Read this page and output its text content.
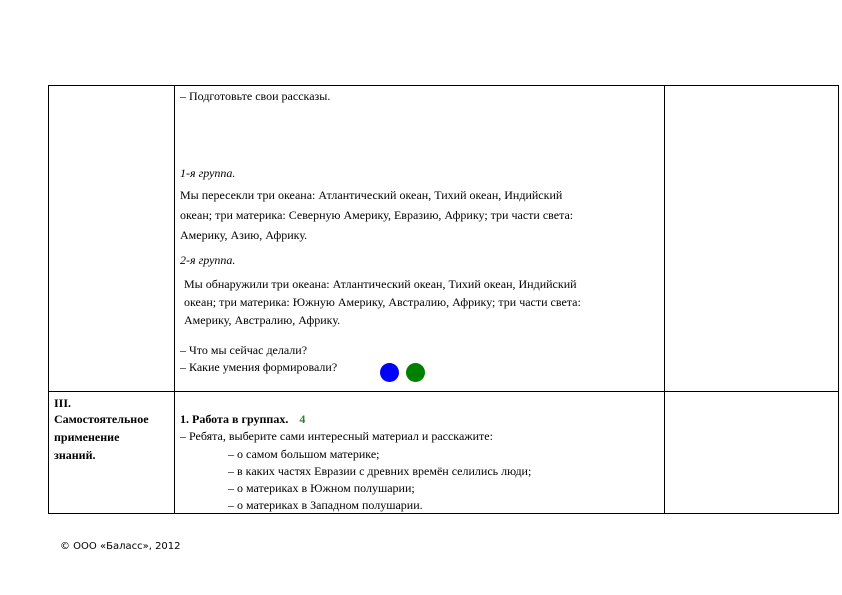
– Подготовьте свои рассказы.
1-я группа.
Мы пересекли три океана: Атлантический океан, Тихий океан, Индийский
океан; три материка: Северную Америку, Евразию, Африку; три части света:
Америку, Азию, Африку.
2-я группа.
Мы обнаружили три океана: Атлантический океан, Тихий океан, Индийский
океан; три материка: Южную Америку, Австралию, Африку; три части света:
Америку, Австралию, Африку.
– Что мы сейчас делали?
– Какие умения формировали?
III.
Самостоятельное
применение
знаний.
1. Работа в группах. 4
– Ребята, выберите сами интересный материал и расскажите:
– о самом большом материке;
– в каких частях Евразии с древних времён селились люди;
– о материках в Южном полушарии;
– о материках в Западном полушарии.
© ООО «Баласс», 2012
